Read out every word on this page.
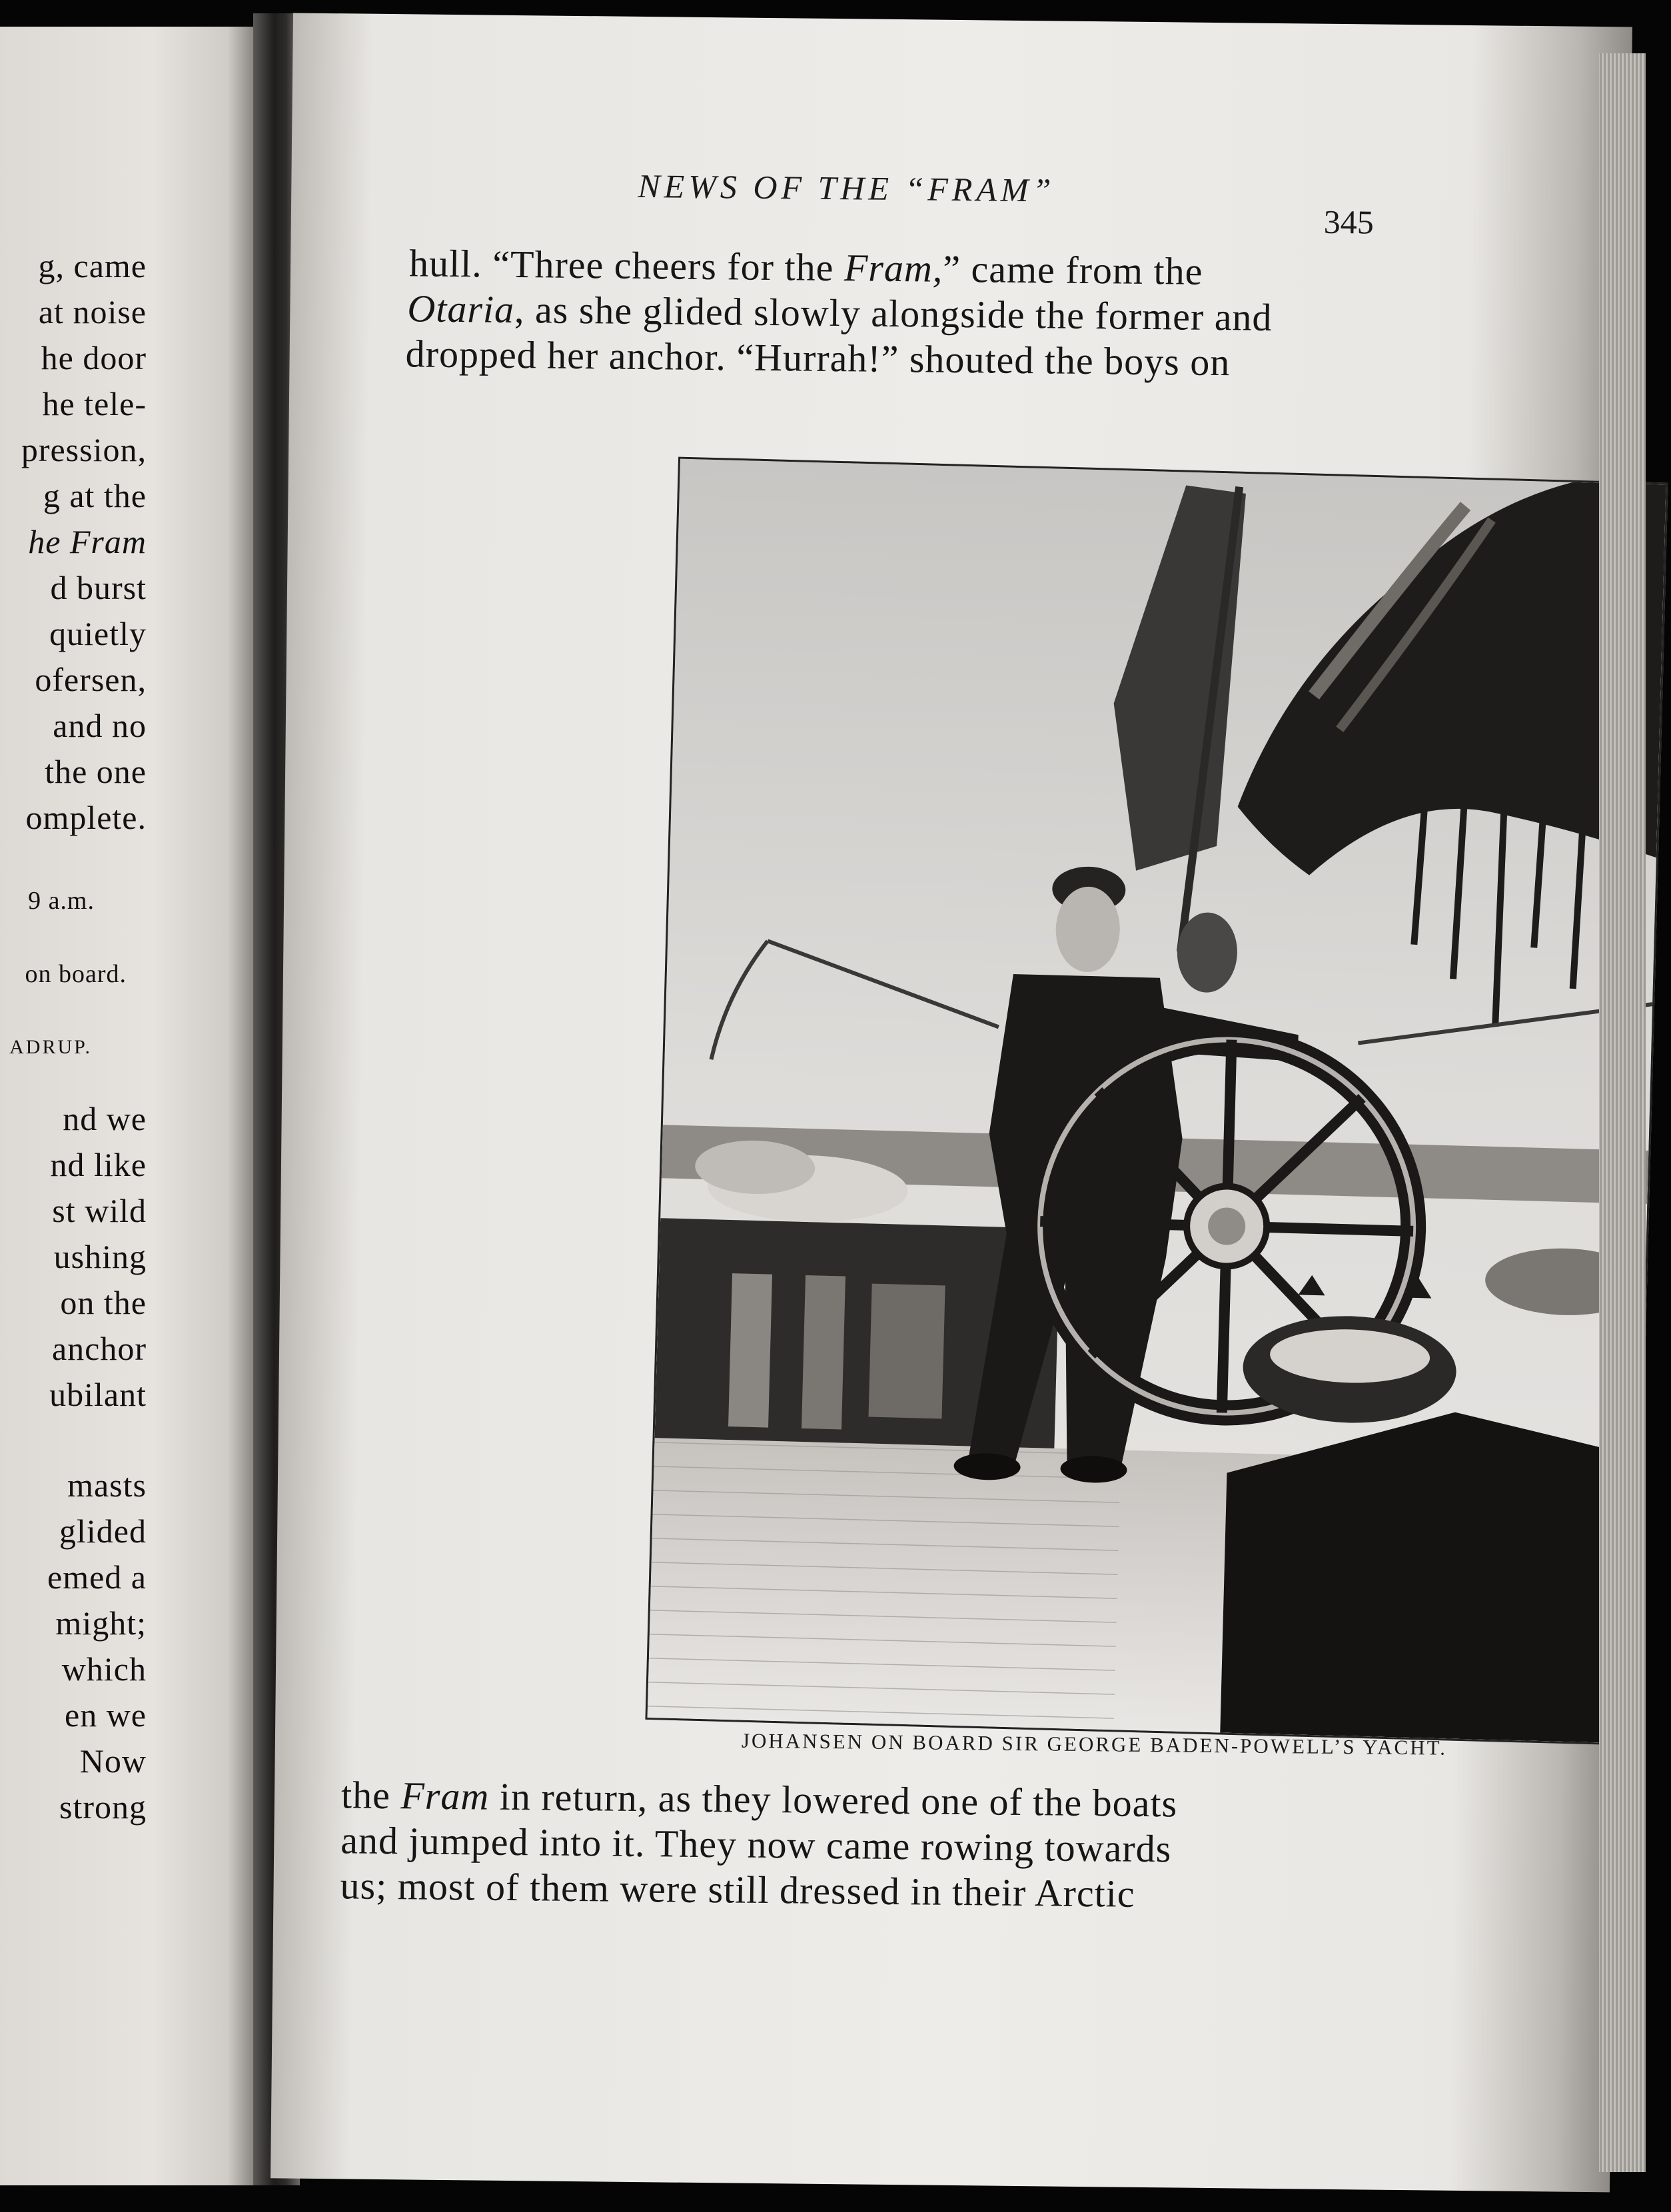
g, came
at noise
he door
he tele-
pression,
g at the
he Fram
d burst
quietly
ofersen,
and no
the one
omplete.
9 a.m.
on board.
ADRUP.
nd we
nd like
st wild
ushing
on the
anchor
ubilant
masts
glided
emed a
might;
which
en we
Now
strong
NEWS OF THE “FRAM”
345
hull. “Three cheers for the Fram,” came from the
Otaria, as she glided slowly alongside the former and
dropped her anchor. “Hurrah!” shouted the boys on
JOHANSEN ON BOARD SIR GEORGE BADEN-POWELL’S YACHT.
the Fram in return, as they lowered one of the boats
and jumped into it. They now came rowing towards
us; most of them were still dressed in their Arctic
